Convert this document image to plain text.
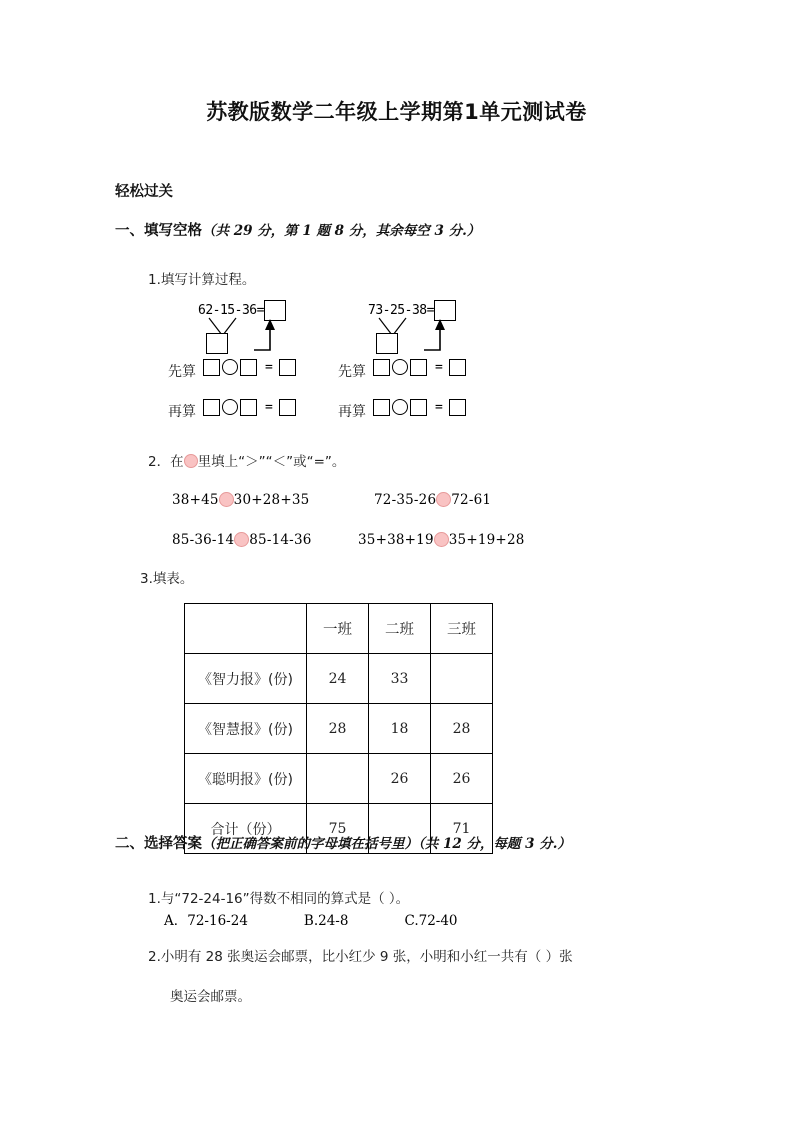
苏教版数学二年级上学期第1单元测试卷
轻松过关
一、填写空格（共 29 分，第 1 题 8 分，其余每空 3 分.）
1.填写计算过程。
62-15-36=
先算	=
再算	=
73-25-38=
先算	=
再算	=
2．在 里填上“＞”“＜”或“=”。
38+45 30+28+35	72-35-26 72-61
85-36-14 85-14-36	35+38+19 35+19+28
3.填表。
	一班	二班	三班
《智力报》(份)	24	33	
《智慧报》(份)	28	18	28
《聪明报》(份)		26	26
合计（份）	75		71
二、选择答案（把正确答案前的字母填在括号里）（共 12 分，每题 3 分.）
1.与“72-24-16”得数不相同的算式是（ ）。
A．72-16-24	B.24-8	C.72-40
2.小明有 28 张奥运会邮票，比小红少 9 张，小明和小红一共有（ ）张
奥运会邮票。
